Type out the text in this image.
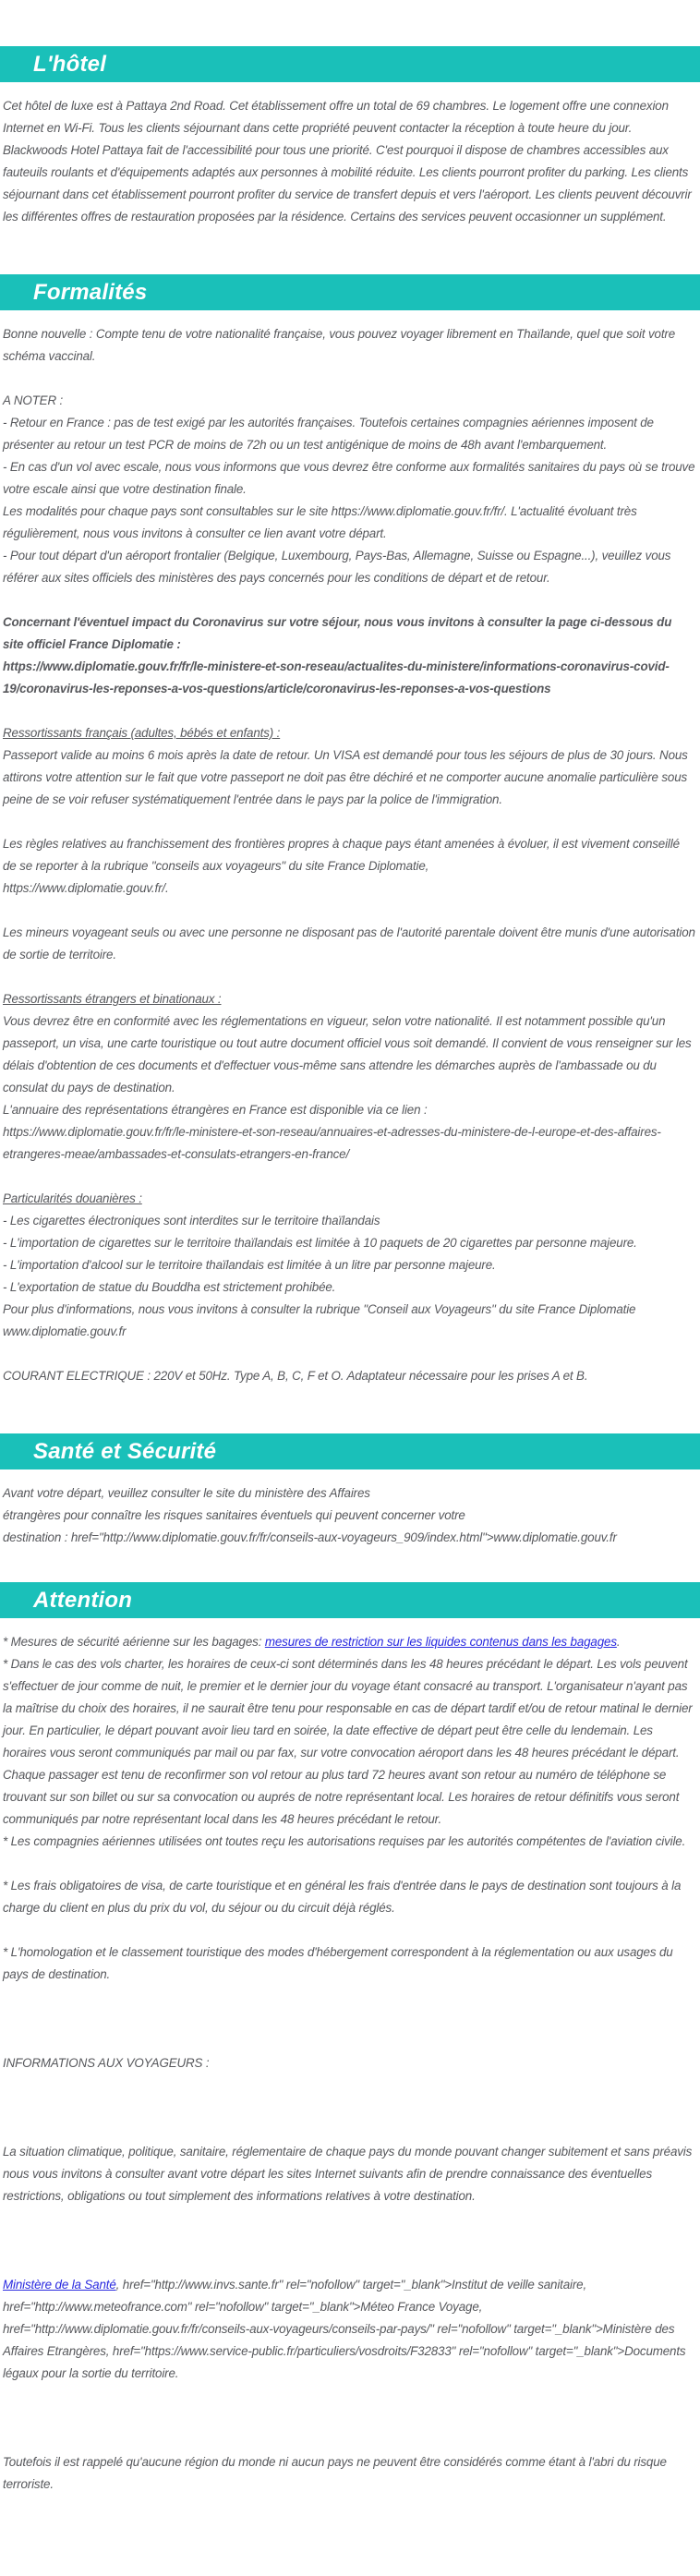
L'hôtel

Cet hôtel de luxe est à Pattaya 2nd Road. Cet établissement offre un total de 69 chambres. Le logement offre une connexion Internet en Wi-Fi. Tous les clients séjournant dans cette propriété peuvent contacter la réception à toute heure du jour. Blackwoods Hotel Pattaya fait de l'accessibilité pour tous une priorité. C'est pourquoi il dispose de chambres accessibles aux fauteuils roulants et d'équipements adaptés aux personnes à mobilité réduite. Les clients pourront profiter du parking. Les clients séjournant dans cet établissement pourront profiter du service de transfert depuis et vers l'aéroport. Les clients peuvent découvrir les différentes offres de restauration proposées par la résidence. Certains des services peuvent occasionner un supplément.

Formalités

Bonne nouvelle : Compte tenu de votre nationalité française, vous pouvez voyager librement en Thaïlande, quel que soit votre schéma vaccinal.

A NOTER :

- Retour en France : pas de test exigé par les autorités françaises. Toutefois certaines compagnies aériennes imposent de présenter au retour un test PCR de moins de 72h ou un test antigénique de moins de 48h avant l'embarquement.

- En cas d'un vol avec escale, nous vous informons que vous devrez être conforme aux formalités sanitaires du pays où se trouve votre escale ainsi que votre destination finale.

Les modalités pour chaque pays sont consultables sur le site https://www.diplomatie.gouv.fr/fr/. L'actualité évoluant très régulièrement, nous vous invitons à consulter ce lien avant votre départ.

- Pour tout départ d'un aéroport frontalier (Belgique, Luxembourg, Pays-Bas, Allemagne, Suisse ou Espagne...), veuillez vous référer aux sites officiels des ministères des pays concernés pour les conditions de départ et de retour.

Concernant l'éventuel impact du Coronavirus sur votre séjour, nous vous invitons à consulter la page ci-dessous du site officiel France Diplomatie :

https://www.diplomatie.gouv.fr/fr/le-ministere-et-son-reseau/actualites-du-ministere/informations-coronavirus-covid-19/coronavirus-les-reponses-a-vos-questions/article/coronavirus-les-reponses-a-vos-questions

Ressortissants français (adultes, bébés et enfants) :

Passeport valide au moins 6 mois après la date de retour. Un VISA est demandé pour tous les séjours de plus de 30 jours. Nous attirons votre attention sur le fait que votre passeport ne doit pas être déchiré et ne comporter aucune anomalie particulière sous peine de se voir refuser systématiquement l'entrée dans le pays par la police de l'immigration.

Les règles relatives au franchissement des frontières propres à chaque pays étant amenées à évoluer, il est vivement conseillé de se reporter à la rubrique "conseils aux voyageurs" du site France Diplomatie,

https://www.diplomatie.gouv.fr/.

Les mineurs voyageant seuls ou avec une personne ne disposant pas de l'autorité parentale doivent être munis d'une autorisation de sortie de territoire.

Ressortissants étrangers et binationaux :

Vous devrez être en conformité avec les réglementations en vigueur, selon votre nationalité. Il est notamment possible qu'un passeport, un visa, une carte touristique ou tout autre document officiel vous soit demandé. Il convient de vous renseigner sur les délais d'obtention de ces documents et d'effectuer vous-même sans attendre les démarches auprès de l'ambassade ou du consulat du pays de destination.

L'annuaire des représentations étrangères en France est disponible via ce lien :

https://www.diplomatie.gouv.fr/fr/le-ministere-et-son-reseau/annuaires-et-adresses-du-ministere-de-l-europe-et-des-affaires-etrangeres-meae/ambassades-et-consulats-etrangers-en-france/

Particularités douanières :

- Les cigarettes électroniques sont interdites sur le territoire thaïlandais

- L'importation de cigarettes sur le territoire thaïlandais est limitée à 10 paquets de 20 cigarettes par personne majeure.

- L'importation d'alcool sur le territoire thaïlandais est limitée à un litre par personne majeure.

- L'exportation de statue du Bouddha est strictement prohibée.

Pour plus d'informations, nous vous invitons à consulter la rubrique "Conseil aux Voyageurs" du site France Diplomatie www.diplomatie.gouv.fr

COURANT ELECTRIQUE : 220V et 50Hz. Type A, B, C, F et O. Adaptateur nécessaire pour les prises A et B.

Santé et Sécurité

Avant votre départ, veuillez consulter le site du ministère des Affaires

étrangères pour connaître les risques sanitaires éventuels qui peuvent concerner votre

destination : href="http://www.diplomatie.gouv.fr/fr/conseils-aux-voyageurs_909/index.html">www.diplomatie.gouv.fr

Attention

* Mesures de sécurité aérienne sur les bagages: mesures de restriction sur les liquides contenus dans les bagages.

* Dans le cas des vols charter, les horaires de ceux-ci sont déterminés dans les 48 heures précédant le départ. Les vols peuvent s'effectuer de jour comme de nuit, le premier et le dernier jour du voyage étant consacré au transport. L'organisateur n'ayant pas la maîtrise du choix des horaires, il ne saurait être tenu pour responsable en cas de départ tardif et/ou de retour matinal le dernier jour. En particulier, le départ pouvant avoir lieu tard en soirée, la date effective de départ peut être celle du lendemain. Les horaires vous seront communiqués par mail ou par fax, sur votre convocation aéroport dans les 48 heures précédant le départ. Chaque passager est tenu de reconfirmer son vol retour au plus tard 72 heures avant son retour au numéro de téléphone se trouvant sur son billet ou sur sa convocation ou auprés de notre représentant local. Les horaires de retour définitifs vous seront communiqués par notre représentant local dans les 48 heures précédant le retour.

* Les compagnies aériennes utilisées ont toutes reçu les autorisations requises par les autorités compétentes de l'aviation civile.

* Les frais obligatoires de visa, de carte touristique et en général les frais d'entrée dans le pays de destination sont toujours à la charge du client en plus du prix du vol, du séjour ou du circuit déjà réglés.

* L'homologation et le classement touristique des modes d'hébergement correspondent à la réglementation ou aux usages du pays de destination.

INFORMATIONS AUX VOYAGEURS :

La situation climatique, politique, sanitaire, réglementaire de chaque pays du monde pouvant changer subitement et sans préavis

nous vous invitons à consulter avant votre départ les sites Internet suivants afin de prendre connaissance des éventuelles restrictions, obligations ou tout simplement des informations relatives à votre destination.

Ministère de la Santé, href="http://www.invs.sante.fr" rel="nofollow" target="_blank">Institut de veille sanitaire, href="http://www.meteofrance.com" rel="nofollow" target="_blank">Méteo France Voyage, href="http://www.diplomatie.gouv.fr/fr/conseils-aux-voyageurs/conseils-par-pays/" rel="nofollow" target="_blank">Ministère des Affaires Etrangères, href="https://www.service-public.fr/particuliers/vosdroits/F32833" rel="nofollow" target="_blank">Documents légaux pour la sortie du territoire.

Toutefois il est rappelé qu'aucune région du monde ni aucun pays ne peuvent être considérés comme étant à l'abri du risque terroriste.
